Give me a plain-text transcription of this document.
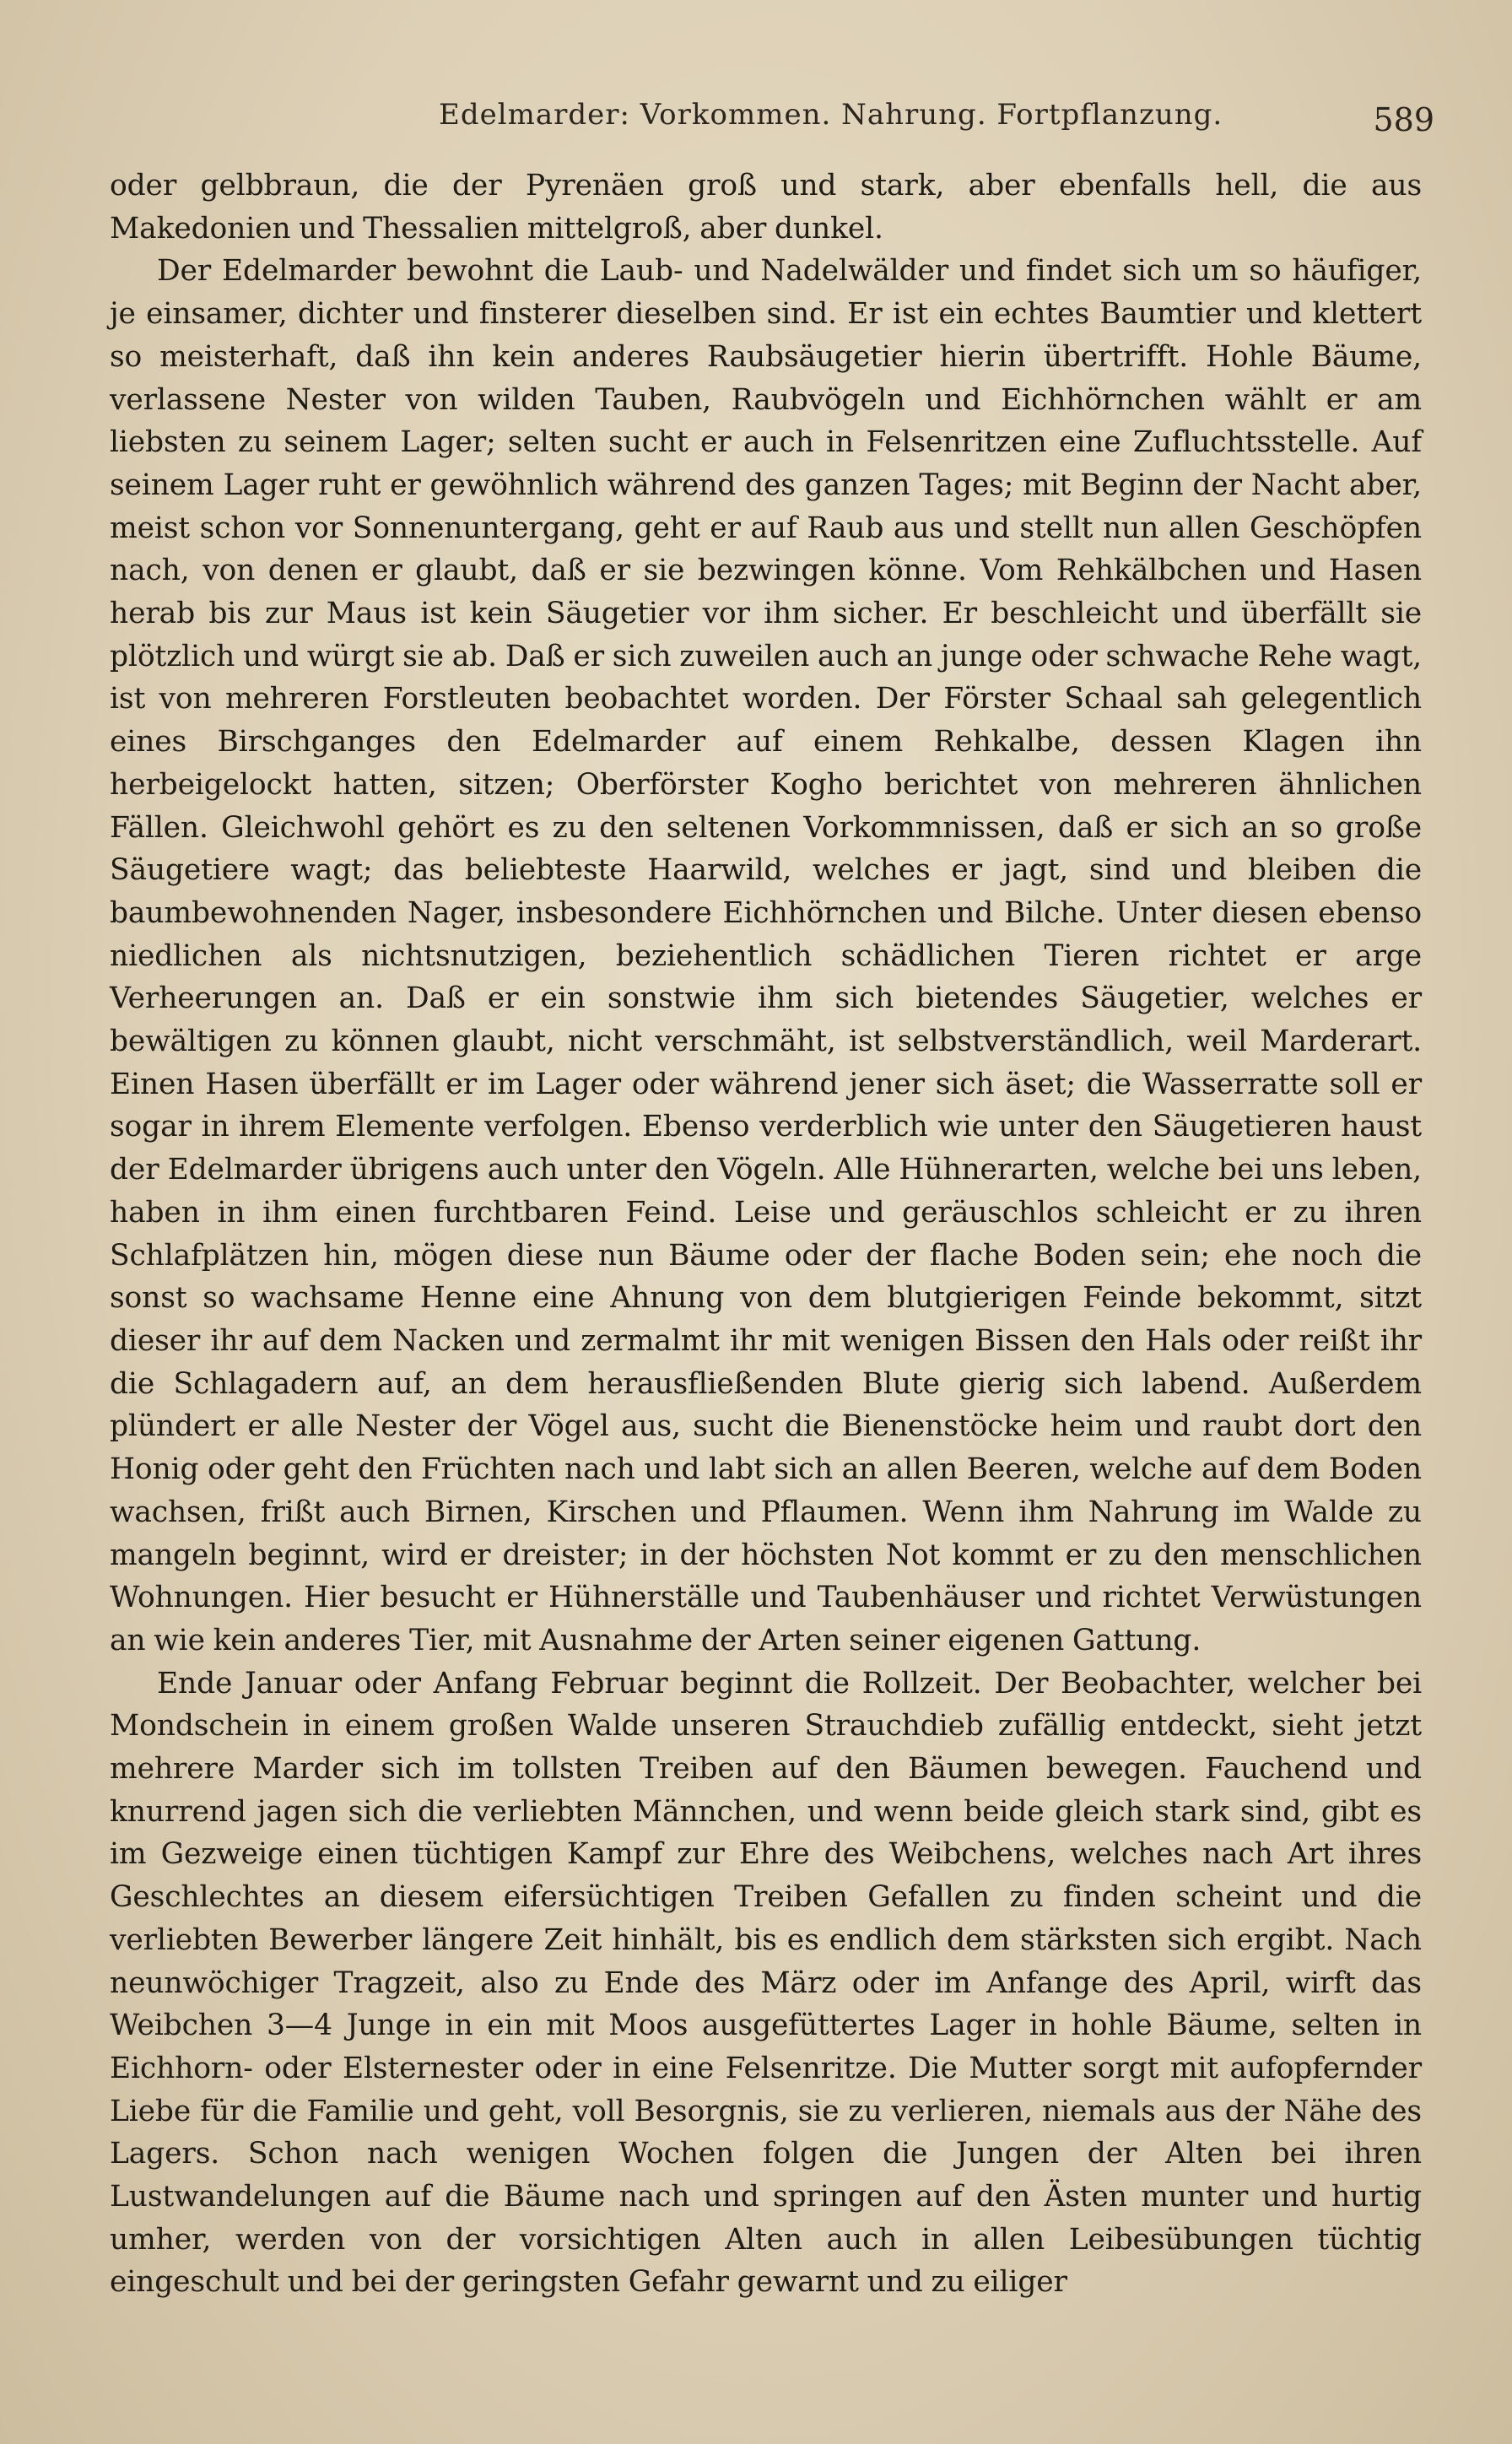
Edelmarder: Vorkommen. Nahrung. Fortpflanzung.	589

oder gelbbraun, die der Pyrenäen groß und stark, aber ebenfalls hell, die aus Makedonien und Thessalien mittelgroß, aber dunkel.

Der Edelmarder bewohnt die Laub- und Nadelwälder und findet sich um so häufiger, je einsamer, dichter und finsterer dieselben sind. Er ist ein echtes Baumtier und klettert so meisterhaft, daß ihn kein anderes Raubsäugetier hierin übertrifft. Hohle Bäume, verlassene Nester von wilden Tauben, Raubvögeln und Eichhörnchen wählt er am liebsten zu seinem Lager; selten sucht er auch in Felsenritzen eine Zufluchtsstelle. Auf seinem Lager ruht er gewöhnlich während des ganzen Tages; mit Beginn der Nacht aber, meist schon vor Sonnenuntergang, geht er auf Raub aus und stellt nun allen Geschöpfen nach, von denen er glaubt, daß er sie bezwingen könne. Vom Rehkälbchen und Hasen herab bis zur Maus ist kein Säugetier vor ihm sicher. Er beschleicht und überfällt sie plötzlich und würgt sie ab. Daß er sich zuweilen auch an junge oder schwache Rehe wagt, ist von mehreren Forstleuten beobachtet worden. Der Förster Schaal sah gelegentlich eines Birschganges den Edelmarder auf einem Rehkalbe, dessen Klagen ihn herbeigelockt hatten, sitzen; Oberförster Kogho berichtet von mehreren ähnlichen Fällen. Gleichwohl gehört es zu den seltenen Vorkommnissen, daß er sich an so große Säugetiere wagt; das beliebteste Haarwild, welches er jagt, sind und bleiben die baumbewohnenden Nager, insbesondere Eichhörnchen und Bilche. Unter diesen ebenso niedlichen als nichtsnutzigen, beziehentlich schädlichen Tieren richtet er arge Verheerungen an. Daß er ein sonstwie ihm sich bietendes Säugetier, welches er bewältigen zu können glaubt, nicht verschmäht, ist selbstverständlich, weil Marderart. Einen Hasen überfällt er im Lager oder während jener sich äset; die Wasserratte soll er sogar in ihrem Elemente verfolgen. Ebenso verderblich wie unter den Säugetieren haust der Edelmarder übrigens auch unter den Vögeln. Alle Hühnerarten, welche bei uns leben, haben in ihm einen furchtbaren Feind. Leise und geräuschlos schleicht er zu ihren Schlafplätzen hin, mögen diese nun Bäume oder der flache Boden sein; ehe noch die sonst so wachsame Henne eine Ahnung von dem blutgierigen Feinde bekommt, sitzt dieser ihr auf dem Nacken und zermalmt ihr mit wenigen Bissen den Hals oder reißt ihr die Schlagadern auf, an dem herausfließenden Blute gierig sich labend. Außerdem plündert er alle Nester der Vögel aus, sucht die Bienenstöcke heim und raubt dort den Honig oder geht den Früchten nach und labt sich an allen Beeren, welche auf dem Boden wachsen, frißt auch Birnen, Kirschen und Pflaumen. Wenn ihm Nahrung im Walde zu mangeln beginnt, wird er dreister; in der höchsten Not kommt er zu den menschlichen Wohnungen. Hier besucht er Hühnerställe und Taubenhäuser und richtet Verwüstungen an wie kein anderes Tier, mit Ausnahme der Arten seiner eigenen Gattung.

Ende Januar oder Anfang Februar beginnt die Rollzeit. Der Beobachter, welcher bei Mondschein in einem großen Walde unseren Strauchdieb zufällig entdeckt, sieht jetzt mehrere Marder sich im tollsten Treiben auf den Bäumen bewegen. Fauchend und knurrend jagen sich die verliebten Männchen, und wenn beide gleich stark sind, gibt es im Gezweige einen tüchtigen Kampf zur Ehre des Weibchens, welches nach Art ihres Geschlechtes an diesem eifersüchtigen Treiben Gefallen zu finden scheint und die verliebten Bewerber längere Zeit hinhält, bis es endlich dem stärksten sich ergibt. Nach neunwöchiger Tragzeit, also zu Ende des März oder im Anfange des April, wirft das Weibchen 3—4 Junge in ein mit Moos ausgefüttertes Lager in hohle Bäume, selten in Eichhorn- oder Elsternester oder in eine Felsenritze. Die Mutter sorgt mit aufopfernder Liebe für die Familie und geht, voll Besorgnis, sie zu verlieren, niemals aus der Nähe des Lagers. Schon nach wenigen Wochen folgen die Jungen der Alten bei ihren Lustwandelungen auf die Bäume nach und springen auf den Ästen munter und hurtig umher, werden von der vorsichtigen Alten auch in allen Leibesübungen tüchtig eingeschult und bei der geringsten Gefahr gewarnt und zu eiliger
